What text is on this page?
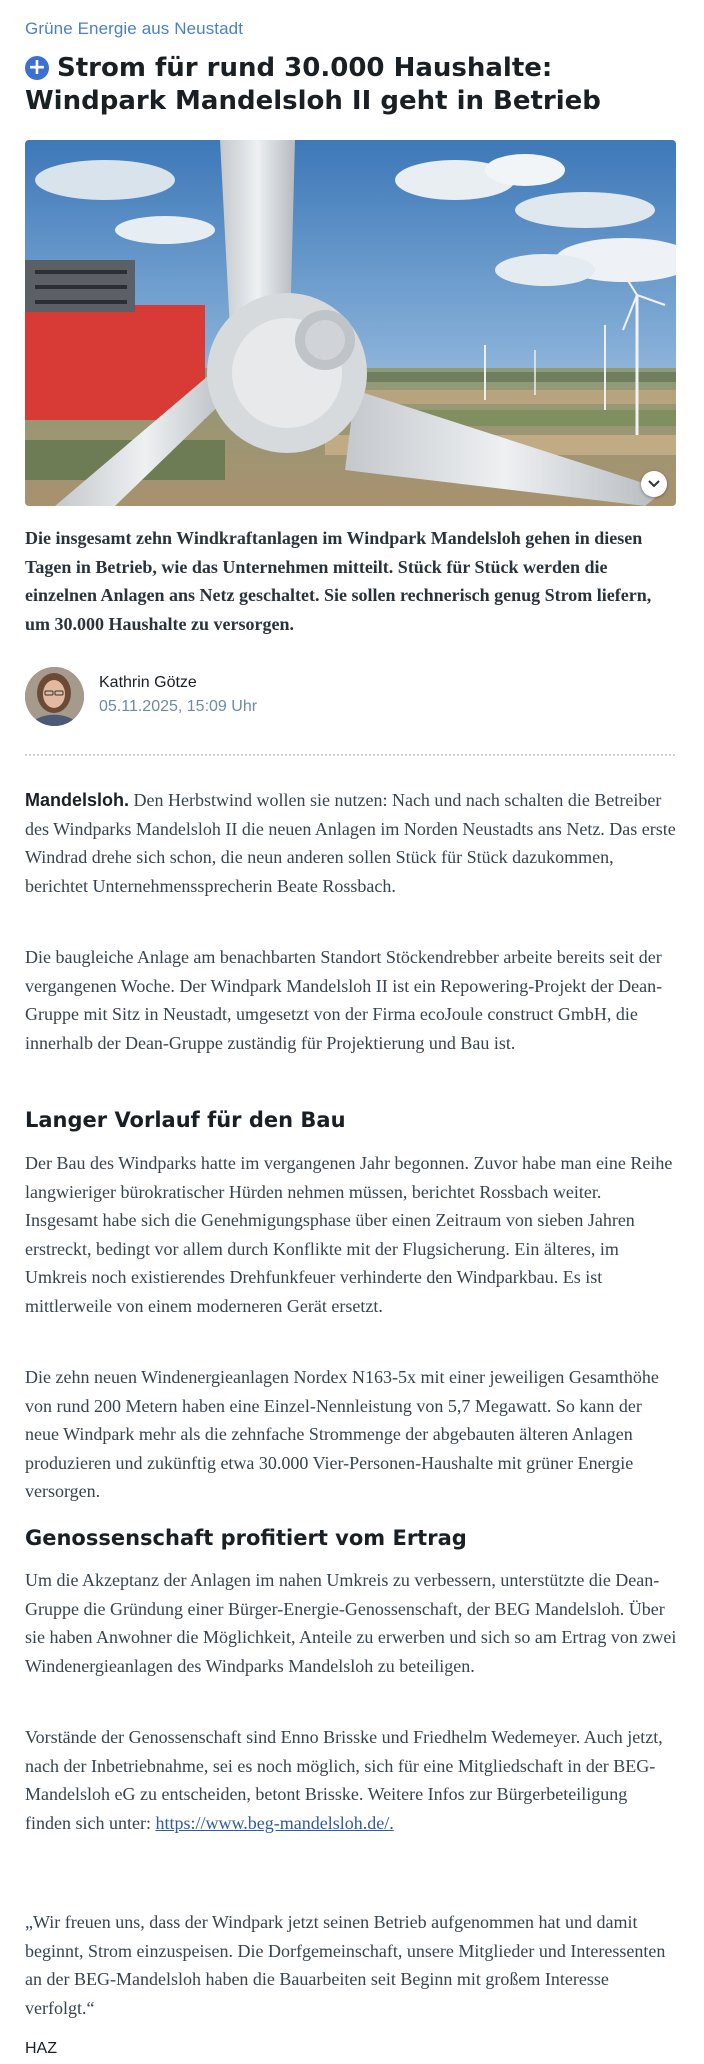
Grüne Energie aus Neustadt
+ Strom für rund 30.000 Haushalte: Windpark Mandelsloh II geht in Betrieb
Die insgesamt zehn Windkraftanlagen im Windpark Mandelsloh gehen in diesen Tagen in Betrieb, wie das Unternehmen mitteilt. Stück für Stück werden die einzelnen Anlagen ans Netz geschaltet. Sie sollen rechnerisch genug Strom liefern, um 30.000 Haushalte zu versorgen.
Kathrin Götze
05.11.2025, 15:09 Uhr

Mandelsloh. Den Herbstwind wollen sie nutzen: Nach und nach schalten die Betreiber des Windparks Mandelsloh II die neuen Anlagen im Norden Neustadts ans Netz. Das erste Windrad drehe sich schon, die neun anderen sollen Stück für Stück dazukommen, berichtet Unternehmenssprecherin Beate Rossbach.

Die baugleiche Anlage am benachbarten Standort Stöckendrebber arbeite bereits seit der vergangenen Woche. Der Windpark Mandelsloh II ist ein Repowering-Projekt der Dean-Gruppe mit Sitz in Neustadt, umgesetzt von der Firma ecoJoule construct GmbH, die innerhalb der Dean-Gruppe zuständig für Projektierung und Bau ist.

Langer Vorlauf für den Bau

Der Bau des Windparks hatte im vergangenen Jahr begonnen. Zuvor habe man eine Reihe langwieriger bürokratischer Hürden nehmen müssen, berichtet Rossbach weiter. Insgesamt habe sich die Genehmigungsphase über einen Zeitraum von sieben Jahren erstreckt, bedingt vor allem durch Konflikte mit der Flugsicherung. Ein älteres, im Umkreis noch existierendes Drehfunkfeuer verhinderte den Windparkbau. Es ist mittlerweile von einem moderneren Gerät ersetzt.

Die zehn neuen Windenergieanlagen Nordex N163-5x mit einer jeweiligen Gesamthöhe von rund 200 Metern haben eine Einzel-Nennleistung von 5,7 Megawatt. So kann der neue Windpark mehr als die zehnfache Strommenge der abgebauten älteren Anlagen produzieren und zukünftig etwa 30.000 Vier-Personen-Haushalte mit grüner Energie versorgen.

Genossenschaft profitiert vom Ertrag

Um die Akzeptanz der Anlagen im nahen Umkreis zu verbessern, unterstützte die Dean-Gruppe die Gründung einer Bürger-Energie-Genossenschaft, der BEG Mandelsloh. Über sie haben Anwohner die Möglichkeit, Anteile zu erwerben und sich so am Ertrag von zwei Windenergieanlagen des Windparks Mandelsloh zu beteiligen.

Vorstände der Genossenschaft sind Enno Brisske und Friedhelm Wedemeyer. Auch jetzt, nach der Inbetriebnahme, sei es noch möglich, sich für eine Mitgliedschaft in der BEG-Mandelsloh eG zu entscheiden, betont Brisske. Weitere Infos zur Bürgerbeteiligung finden sich unter: https://www.beg-mandelsloh.de/.

„Wir freuen uns, dass der Windpark jetzt seinen Betrieb aufgenommen hat und damit beginnt, Strom einzuspeisen. Die Dorfgemeinschaft, unsere Mitglieder und Interessenten an der BEG-Mandelsloh haben die Bauarbeiten seit Beginn mit großem Interesse verfolgt.“

HAZ
